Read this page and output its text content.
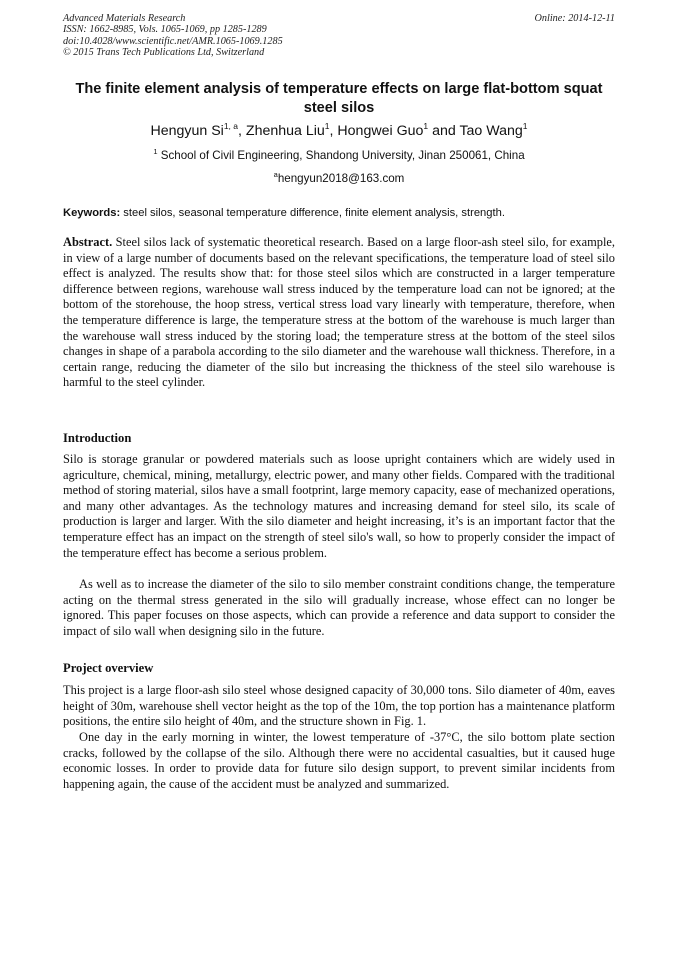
Advanced Materials Research
ISSN: 1662-8985, Vols. 1065-1069, pp 1285-1289
doi:10.4028/www.scientific.net/AMR.1065-1069.1285
© 2015 Trans Tech Publications Ltd, Switzerland
Online: 2014-12-11
The finite element analysis of temperature effects on large flat-bottom squat steel silos
Hengyun Si$^{1, a}$, Zhenhua Liu$^1$, Hongwei Guo$^1$ and Tao Wang$^1$
$^1$ School of Civil Engineering, Shandong University, Jinan 250061, China
$^a$hengyun2018@163.com
Keywords: steel silos, seasonal temperature difference, finite element analysis, strength.
Abstract. Steel silos lack of systematic theoretical research. Based on a large floor-ash steel silo, for example, in view of a large number of documents based on the relevant specifications, the temperature load of steel silo effect is analyzed. The results show that: for those steel silos which are constructed in a larger temperature difference between regions, warehouse wall stress induced by the temperature load can not be ignored; at the bottom of the storehouse, the hoop stress, vertical stress load vary linearly with temperature, therefore, when the temperature difference is large, the temperature stress at the bottom of the warehouse is much larger than the warehouse wall stress induced by the storing load; the temperature stress at the bottom of the steel silos changes in shape of a parabola according to the silo diameter and the warehouse wall thickness. Therefore, in a certain range, reducing the diameter of the silo but increasing the thickness of the steel silo warehouse is harmful to the steel cylinder.
Introduction

Silo is storage granular or powdered materials such as loose upright containers which are widely used in agriculture, chemical, mining, metallurgy, electric power, and many other fields. Compared with the traditional method of storing material, silos have a small footprint, large memory capacity, ease of mechanized operations, and many other advantages. As the technology matures and increasing demand for steel silo, its scale of production is larger and larger. With the silo diameter and height increasing, it’s is an important factor that the temperature effect has an impact on the strength of steel silo's wall, so how to properly consider the impact of the temperature effect has become a serious problem.

As well as to increase the diameter of the silo to silo member constraint conditions change, the temperature acting on the thermal stress generated in the silo will gradually increase, whose effect can no longer be ignored. This paper focuses on those aspects, which can provide a reference and data support to consider the impact of silo wall when designing silo in the future.

Project overview

This project is a large floor-ash silo steel whose designed capacity of 30,000 tons. Silo diameter of 40m, eaves height of 30m, warehouse shell vector height as the top of the 10m, the top portion has a maintenance platform positions, the entire silo height of 40m, and the structure shown in Fig. 1.

One day in the early morning in winter, the lowest temperature of -37°C, the silo bottom plate section cracks, followed by the collapse of the silo. Although there were no accidental casualties, but it caused huge economic losses. In order to provide data for future silo design support, to prevent similar incidents from happening again, the cause of the accident must be analyzed and summarized.
